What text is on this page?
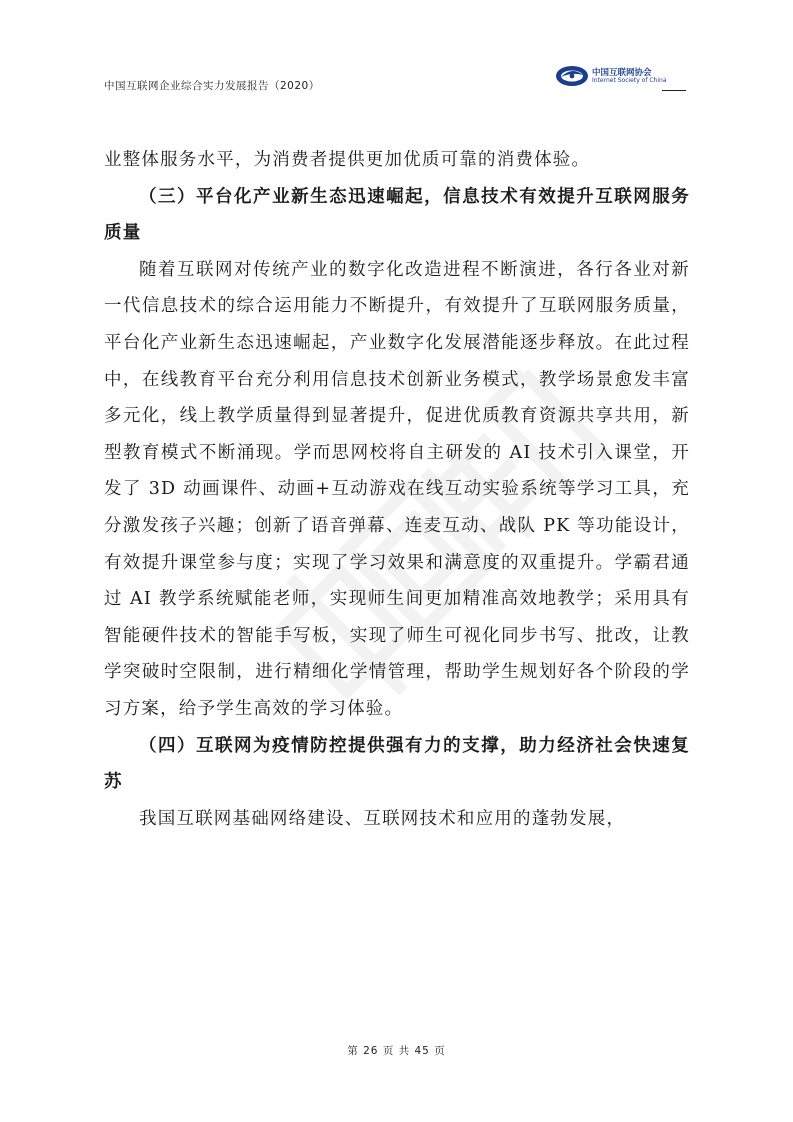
中国互联网企业综合实力发展报告（2020）
中国互联网协会
Internet Society of China

业整体服务水平，为消费者提供更加优质可靠的消费体验。

（三）平台化产业新生态迅速崛起，信息技术有效提升互联网服务质量

随着互联网对传统产业的数字化改造进程不断演进，各行各业对新一代信息技术的综合运用能力不断提升，有效提升了互联网服务质量，平台化产业新生态迅速崛起，产业数字化发展潜能逐步释放。在此过程中，在线教育平台充分利用信息技术创新业务模式，教学场景愈发丰富多元化，线上教学质量得到显著提升，促进优质教育资源共享共用，新型教育模式不断涌现。学而思网校将自主研发的 AI 技术引入课堂，开发了 3D 动画课件、动画+互动游戏在线互动实验系统等学习工具，充分激发孩子兴趣；创新了语音弹幕、连麦互动、战队 PK 等功能设计，有效提升课堂参与度；实现了学习效果和满意度的双重提升。学霸君通过 AI 教学系统赋能老师，实现师生间更加精准高效地教学；采用具有智能硬件技术的智能手写板，实现了师生可视化同步书写、批改，让教学突破时空限制，进行精细化学情管理，帮助学生规划好各个阶段的学习方案，给予学生高效的学习体验。

（四）互联网为疫情防控提供强有力的支撑，助力经济社会快速复苏

我国互联网基础网络建设、互联网技术和应用的蓬勃发展，

第 26 页 共 45 页
